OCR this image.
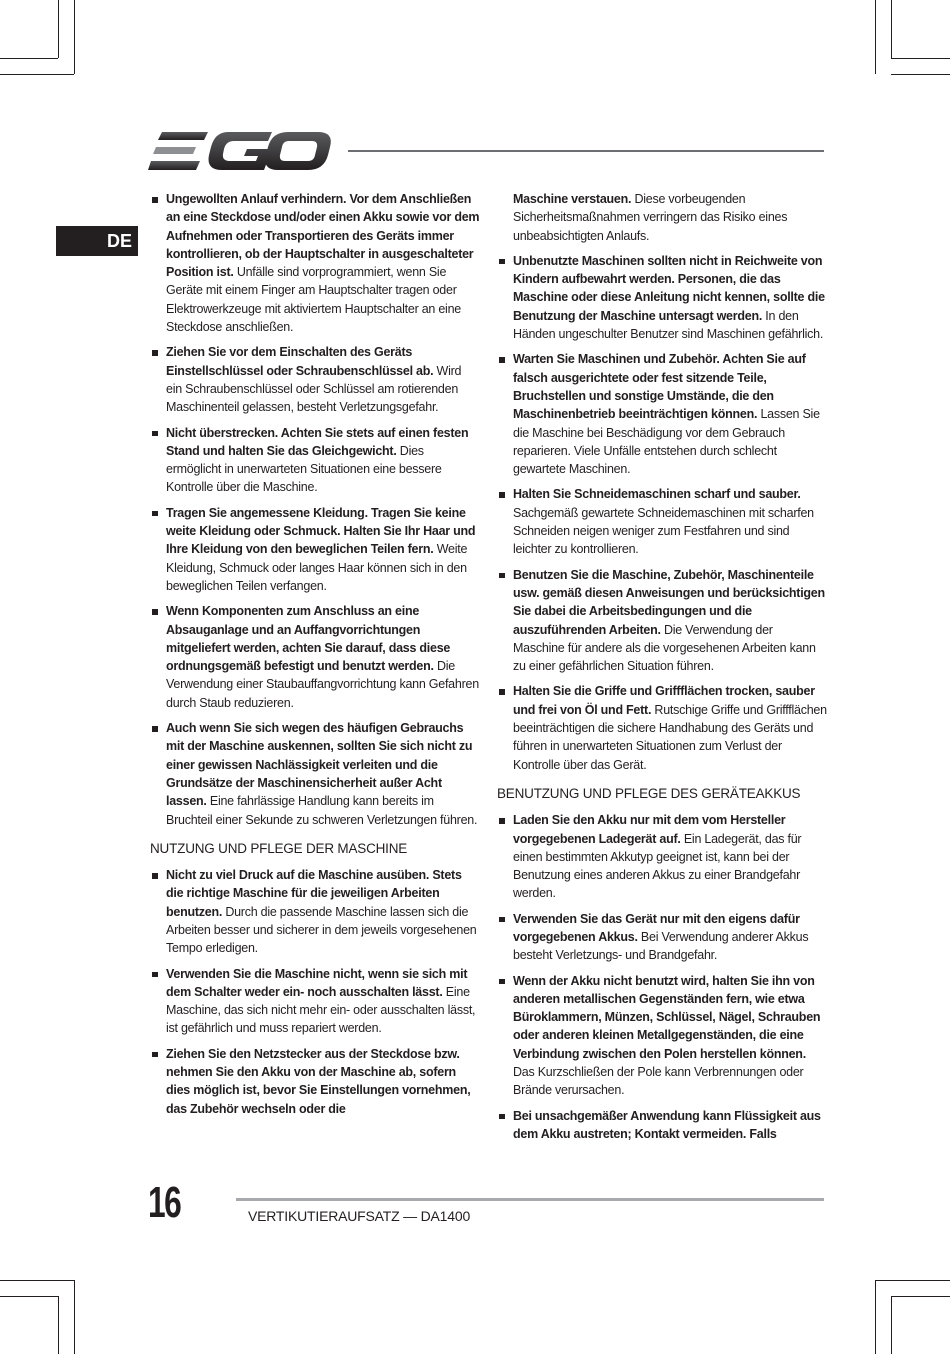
DE
Ungewollten Anlauf verhindern. Vor dem Anschließen an eine Steckdose und/oder einen Akku sowie vor dem Aufnehmen oder Transportieren des Geräts immer kontrollieren, ob der Hauptschalter in ausgeschalteter Position ist. Unfälle sind vorprogrammiert, wenn Sie Geräte mit einem Finger am Hauptschalter tragen oder Elektrowerkzeuge mit aktiviertem Hauptschalter an eine Steckdose anschließen.
Ziehen Sie vor dem Einschalten des Geräts Einstellschlüssel oder Schraubenschlüssel ab. Wird ein Schraubenschlüssel oder Schlüssel am rotierenden Maschinenteil gelassen, besteht Verletzungsgefahr.
Nicht überstrecken. Achten Sie stets auf einen festen Stand und halten Sie das Gleichgewicht. Dies ermöglicht in unerwarteten Situationen eine bessere Kontrolle über die Maschine.
Tragen Sie angemessene Kleidung. Tragen Sie keine weite Kleidung oder Schmuck. Halten Sie Ihr Haar und Ihre Kleidung von den beweglichen Teilen fern. Weite Kleidung, Schmuck oder langes Haar können sich in den beweglichen Teilen verfangen.
Wenn Komponenten zum Anschluss an eine Absauganlage und an Auffangvorrichtungen mitgeliefert werden, achten Sie darauf, dass diese ordnungsgemäß befestigt und benutzt werden. Die Verwendung einer Staubauffangvorrichtung kann Gefahren durch Staub reduzieren.
Auch wenn Sie sich wegen des häufigen Gebrauchs mit der Maschine auskennen, sollten Sie sich nicht zu einer gewissen Nachlässigkeit verleiten und die Grundsätze der Maschinensicherheit außer Acht lassen. Eine fahrlässige Handlung kann bereits im Bruchteil einer Sekunde zu schweren Verletzungen führen.
NUTZUNG UND PFLEGE DER MASCHINE
Nicht zu viel Druck auf die Maschine ausüben. Stets die richtige Maschine für die jeweiligen Arbeiten benutzen. Durch die passende Maschine lassen sich die Arbeiten besser und sicherer in dem jeweils vorgesehenen Tempo erledigen.
Verwenden Sie die Maschine nicht, wenn sie sich mit dem Schalter weder ein- noch ausschalten lässt. Eine Maschine, das sich nicht mehr ein- oder ausschalten lässt, ist gefährlich und muss repariert werden.
Ziehen Sie den Netzstecker aus der Steckdose bzw. nehmen Sie den Akku von der Maschine ab, sofern dies möglich ist, bevor Sie Einstellungen vornehmen, das Zubehör wechseln oder die
Maschine verstauen. Diese vorbeugenden Sicherheitsmaßnahmen verringern das Risiko eines unbeabsichtigten Anlaufs.
Unbenutzte Maschinen sollten nicht in Reichweite von Kindern aufbewahrt werden. Personen, die das Maschine oder diese Anleitung nicht kennen, sollte die Benutzung der Maschine untersagt werden. In den Händen ungeschulter Benutzer sind Maschinen gefährlich.
Warten Sie Maschinen und Zubehör. Achten Sie auf falsch ausgerichtete oder fest sitzende Teile, Bruchstellen und sonstige Umstände, die den Maschinenbetrieb beeinträchtigen können. Lassen Sie die Maschine bei Beschädigung vor dem Gebrauch reparieren. Viele Unfälle entstehen durch schlecht gewartete Maschinen.
Halten Sie Schneidemaschinen scharf und sauber. Sachgemäß gewartete Schneidemaschinen mit scharfen Schneiden neigen weniger zum Festfahren und sind leichter zu kontrollieren.
Benutzen Sie die Maschine, Zubehör, Maschinenteile usw. gemäß diesen Anweisungen und berücksichtigen Sie dabei die Arbeitsbedingungen und die auszuführenden Arbeiten. Die Verwendung der Maschine für andere als die vorgesehenen Arbeiten kann zu einer gefährlichen Situation führen.
Halten Sie die Griffe und Griffflächen trocken, sauber und frei von Öl und Fett. Rutschige Griffe und Griffflächen beeinträchtigen die sichere Handhabung des Geräts und führen in unerwarteten Situationen zum Verlust der Kontrolle über das Gerät.
BENUTZUNG UND PFLEGE DES GERÄTEAKKUS
Laden Sie den Akku nur mit dem vom Hersteller vorgegebenen Ladegerät auf. Ein Ladegerät, das für einen bestimmten Akkutyp geeignet ist, kann bei der Benutzung eines anderen Akkus zu einer Brandgefahr werden.
Verwenden Sie das Gerät nur mit den eigens dafür vorgegebenen Akkus. Bei Verwendung anderer Akkus besteht Verletzungs- und Brandgefahr.
Wenn der Akku nicht benutzt wird, halten Sie ihn von anderen metallischen Gegenständen fern, wie etwa Büroklammern, Münzen, Schlüssel, Nägel, Schrauben oder anderen kleinen Metallgegenständen, die eine Verbindung zwischen den Polen herstellen können. Das Kurzschließen der Pole kann Verbrennungen oder Brände verursachen.
Bei unsachgemäßer Anwendung kann Flüssigkeit aus dem Akku austreten; Kontakt vermeiden. Falls
16	VERTIKUTIERAUFSATZ — DA1400
